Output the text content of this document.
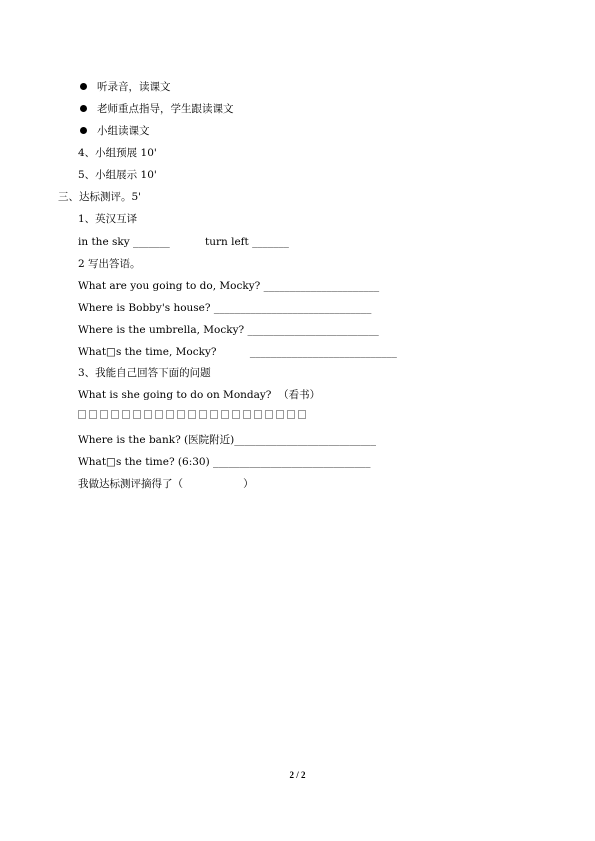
听录音，读课文
老师重点指导，学生跟读课文
小组读课文
4、小组预展 10'
5、小组展示 10'
三、达标测评。5'
1、英汉互译
in the sky _______	turn left _______
2 写出答语。
What are you going to do, Mocky? ______________________
Where is Bobby's house? ______________________________
Where is the umbrella, Mocky? _________________________
What□s the time, Mocky?          ____________________________
3、我能自己回答下面的问题
What is she going to do on Monday?  （看书）
Where is the bank? (医院附近)___________________________
What□s the time? (6:30) ______________________________
我做达标测评摘得了（                  ）
2 / 2
